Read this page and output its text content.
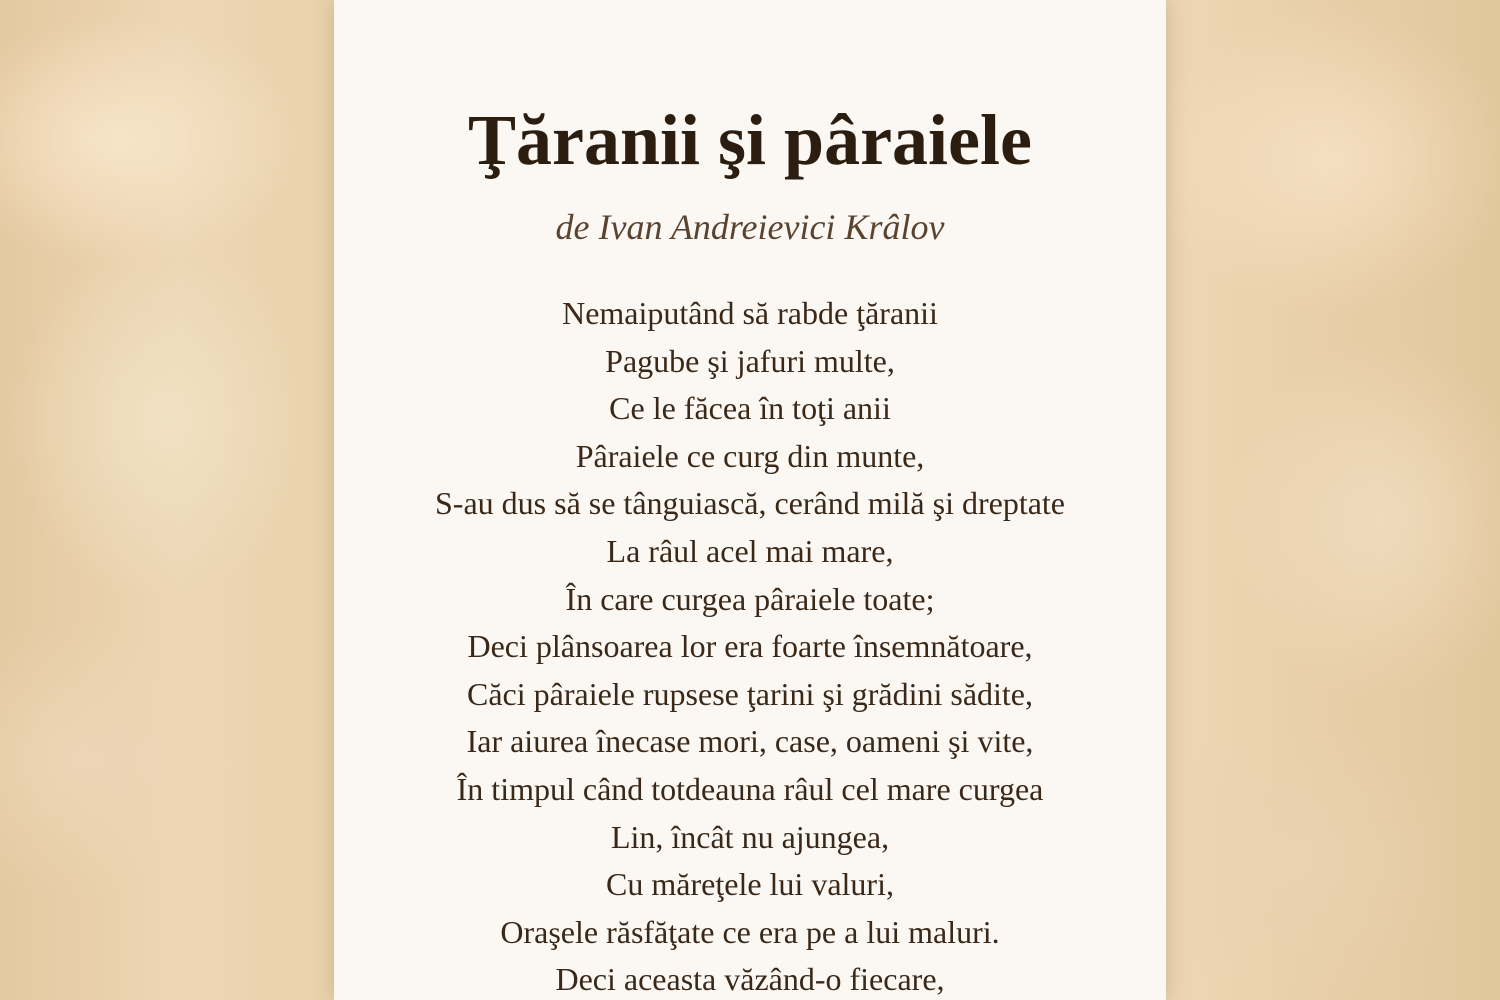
Ţăranii şi pâraiele
de Ivan Andreievici Krâlov
Nemaiputând să rabde ţăranii
Pagube şi jafuri multe,
Ce le făcea în toţi anii
Pâraiele ce curg din munte,
S-au dus să se tânguiască, cerând milă şi dreptate
La râul acel mai mare,
În care curgea pâraiele toate;
Deci plânsoarea lor era foarte însemnătoare,
Căci pâraiele rupsese ţarini şi grădini sădite,
Iar aiurea înecase mori, case, oameni şi vite,
În timpul când totdeauna râul cel mare curgea
Lin, încât nu ajungea,
Cu măreţele lui valuri,
Oraşele răsfăţate ce era pe a lui maluri.
Deci aceasta văzând-o fiecare,
